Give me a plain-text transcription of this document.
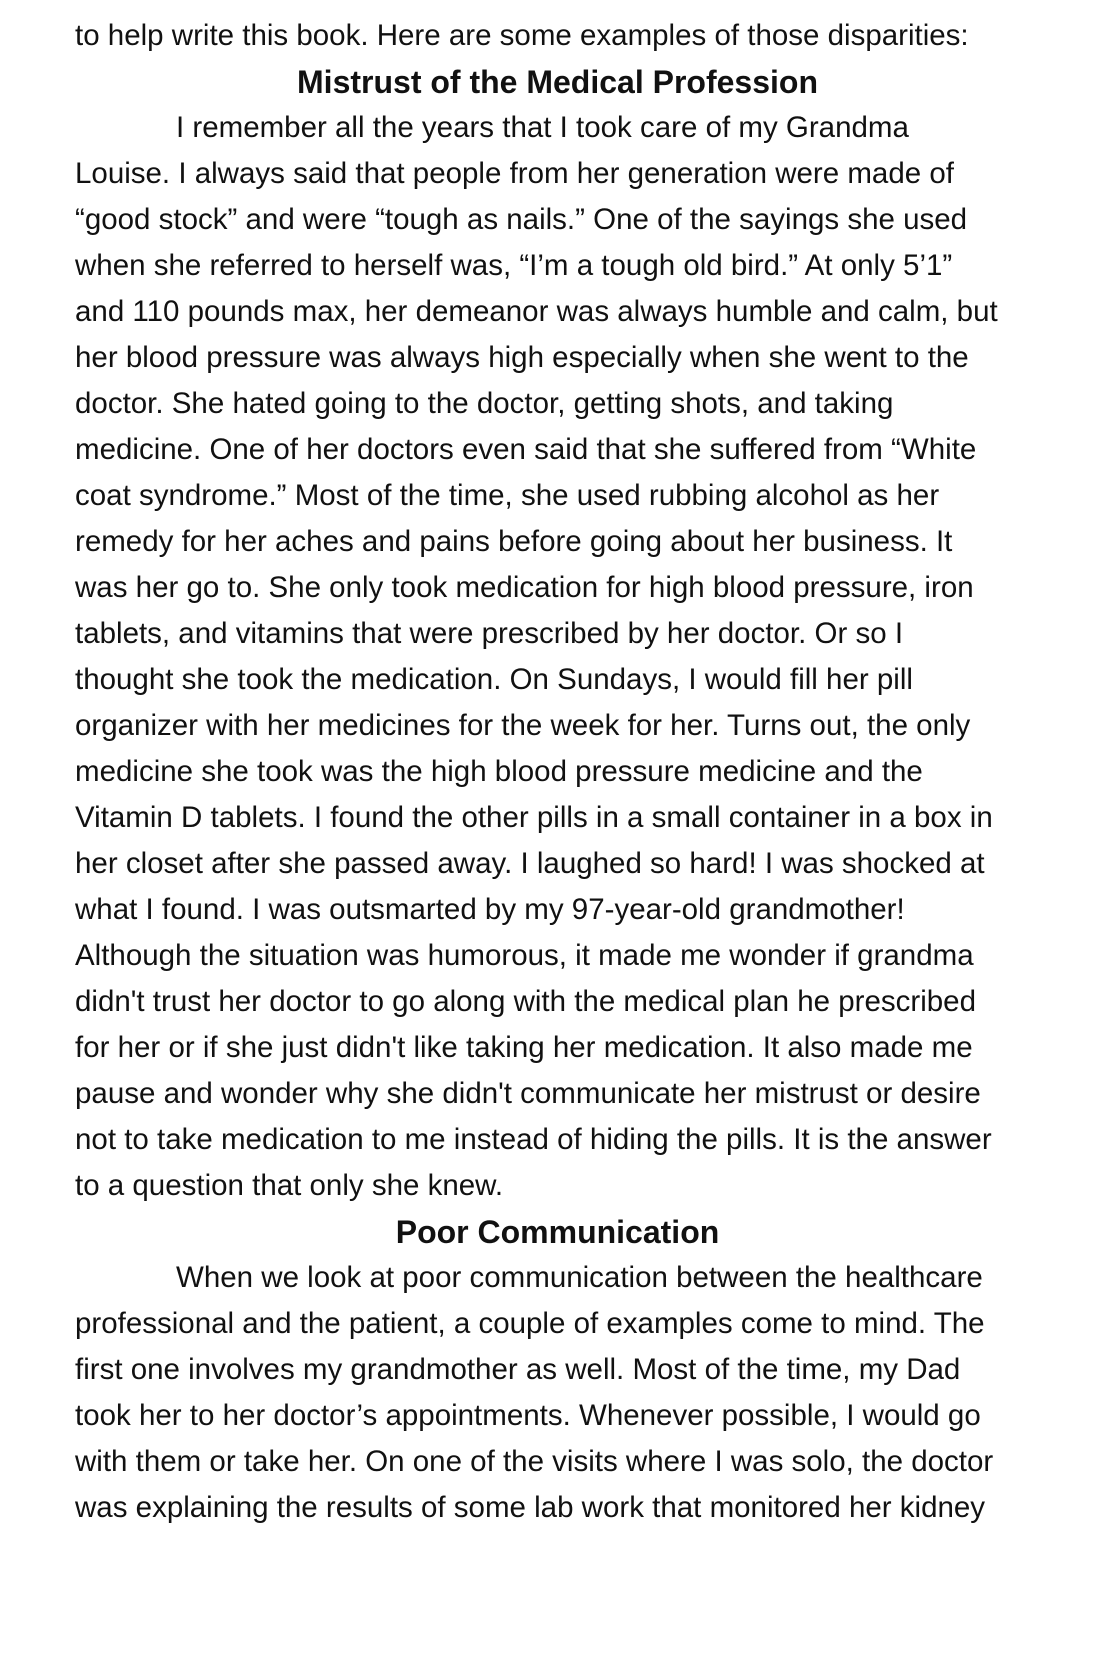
to help write this book. Here are some examples of those disparities:

Mistrust of the Medical Profession
I remember all the years that I took care of my Grandma
Louise. I always said that people from her generation were made of
“good stock” and were “tough as nails.” One of the sayings she used
when she referred to herself was, “I’m a tough old bird.” At only 5’1”
and 110 pounds max, her demeanor was always humble and calm, but
her blood pressure was always high especially when she went to the
doctor. She hated going to the doctor, getting shots, and taking
medicine. One of her doctors even said that she suffered from “White
coat syndrome.” Most of the time, she used rubbing alcohol as her
remedy for her aches and pains before going about her business. It
was her go to. She only took medication for high blood pressure, iron
tablets, and vitamins that were prescribed by her doctor. Or so I
thought she took the medication. On Sundays, I would fill her pill
organizer with her medicines for the week for her. Turns out, the only
medicine she took was the high blood pressure medicine and the
Vitamin D tablets. I found the other pills in a small container in a box in
her closet after she passed away. I laughed so hard! I was shocked at
what I found. I was outsmarted by my 97-year-old grandmother!
Although the situation was humorous, it made me wonder if grandma
didn't trust her doctor to go along with the medical plan he prescribed
for her or if she just didn't like taking her medication. It also made me
pause and wonder why she didn't communicate her mistrust or desire
not to take medication to me instead of hiding the pills. It is the answer
to a question that only she knew.
Poor Communication
When we look at poor communication between the healthcare
professional and the patient, a couple of examples come to mind. The
first one involves my grandmother as well. Most of the time, my Dad
took her to her doctor’s appointments. Whenever possible, I would go
with them or take her. On one of the visits where I was solo, the doctor
was explaining the results of some lab work that monitored her kidney
